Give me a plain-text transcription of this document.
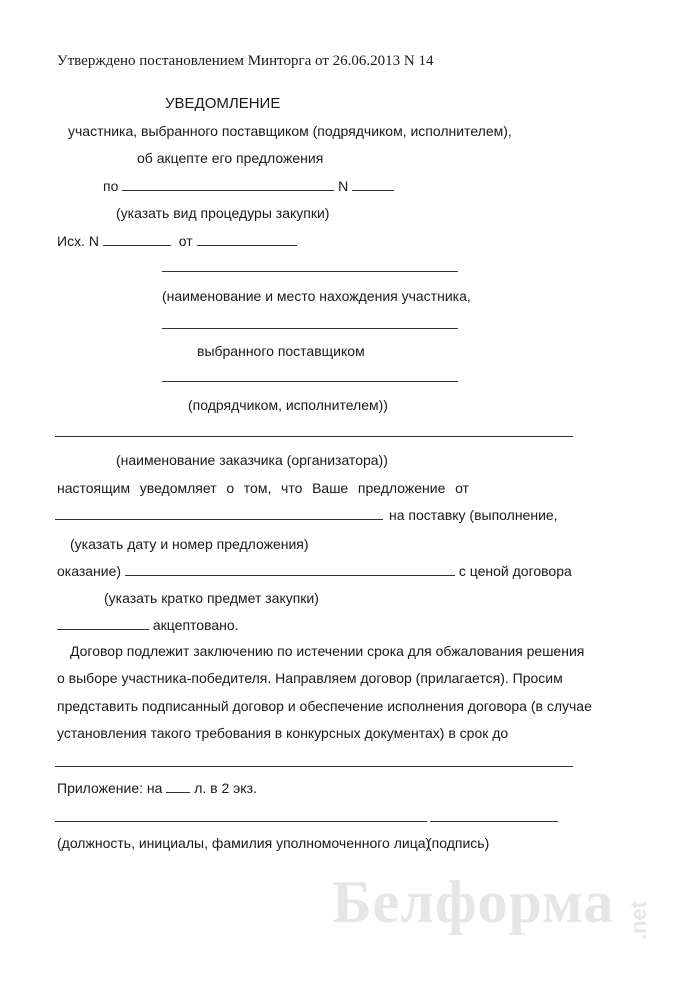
Утверждено постановлением Минторга от 26.06.2013 N 14
УВЕДОМЛЕНИЕ
участника, выбранного поставщиком (подрядчиком, исполнителем),
об акцепте его предложения
по	N
(указать вид процедуры закупки)
Исх. N	от
(наименование и место нахождения участника,
выбранного поставщиком
(подрядчиком, исполнителем))
(наименование заказчика (организатора))
настоящим уведомляет о том, что Ваше предложение от
на поставку (выполнение,
(указать дату и номер предложения)
оказание)	с ценой договора
(указать кратко предмет закупки)
акцептовано.
Договор подлежит заключению по истечении срока для обжалования решения
о выборе участника-победителя. Направляем договор (прилагается). Просим
представить подписанный договор и обеспечение исполнения договора (в случае
установления такого требования в конкурсных документах) в срок до
Приложение: на л. в 2 экз.
(должность, инициалы, фамилия уполномоченного лица)
(подпись)
Белформа .net
